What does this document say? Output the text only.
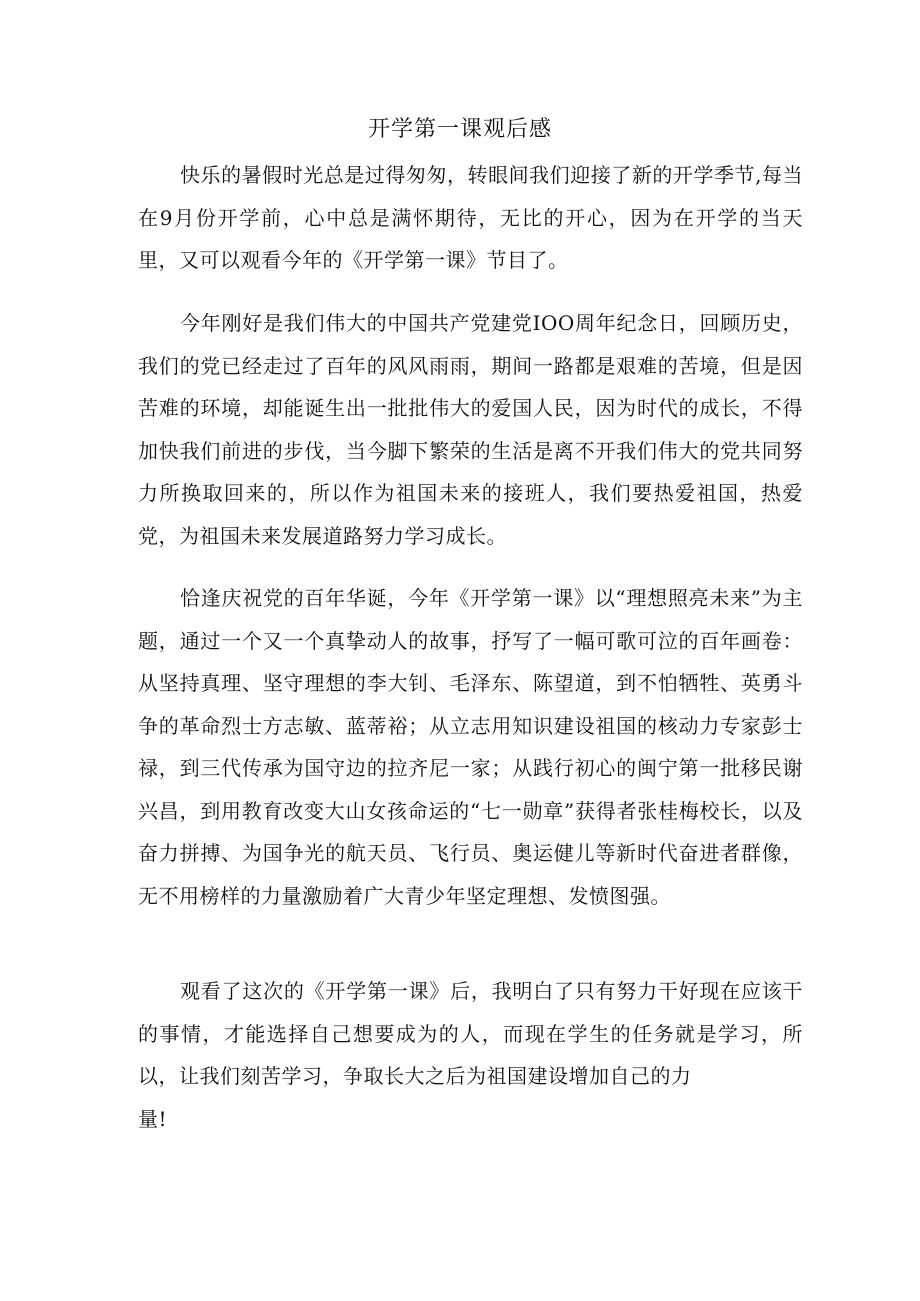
开学第一课观后感

快乐的暑假时光总是过得匆匆，转眼间我们迎接了新的开学季节,每当在9月份开学前，心中总是满怀期待，无比的开心，因为在开学的当天里，又可以观看今年的《开学第一课》节目了。

今年刚好是我们伟大的中国共产党建党IOO周年纪念日，回顾历史，我们的党已经走过了百年的风风雨雨，期间一路都是艰难的苦境，但是因苦难的环境，却能诞生出一批批伟大的爱国人民，因为时代的成长，不得加快我们前进的步伐，当今脚下繁荣的生活是离不开我们伟大的党共同努力所换取回来的，所以作为祖国未来的接班人，我们要热爱祖国，热爱党，为祖国未来发展道路努力学习成长。

恰逢庆祝党的百年华诞，今年《开学第一课》以“理想照亮未来”为主题，通过一个又一个真挚动人的故事，抒写了一幅可歌可泣的百年画卷：从坚持真理、坚守理想的李大钊、毛泽东、陈望道，到不怕牺牲、英勇斗争的革命烈士方志敏、蓝蒂裕；从立志用知识建设祖国的核动力专家彭士禄，到三代传承为国守边的拉齐尼一家；从践行初心的闽宁第一批移民谢兴昌，到用教育改变大山女孩命运的“七一勋章”获得者张桂梅校长，以及奋力拼搏、为国争光的航天员、飞行员、奥运健儿等新时代奋进者群像，无不用榜样的力量激励着广大青少年坚定理想、发愤图强。

观看了这次的《开学第一课》后，我明白了只有努力干好现在应该干的事情，才能选择自己想要成为的人，而现在学生的任务就是学习，所以，让我们刻苦学习，争取长大之后为祖国建设增加自己的力
量!
